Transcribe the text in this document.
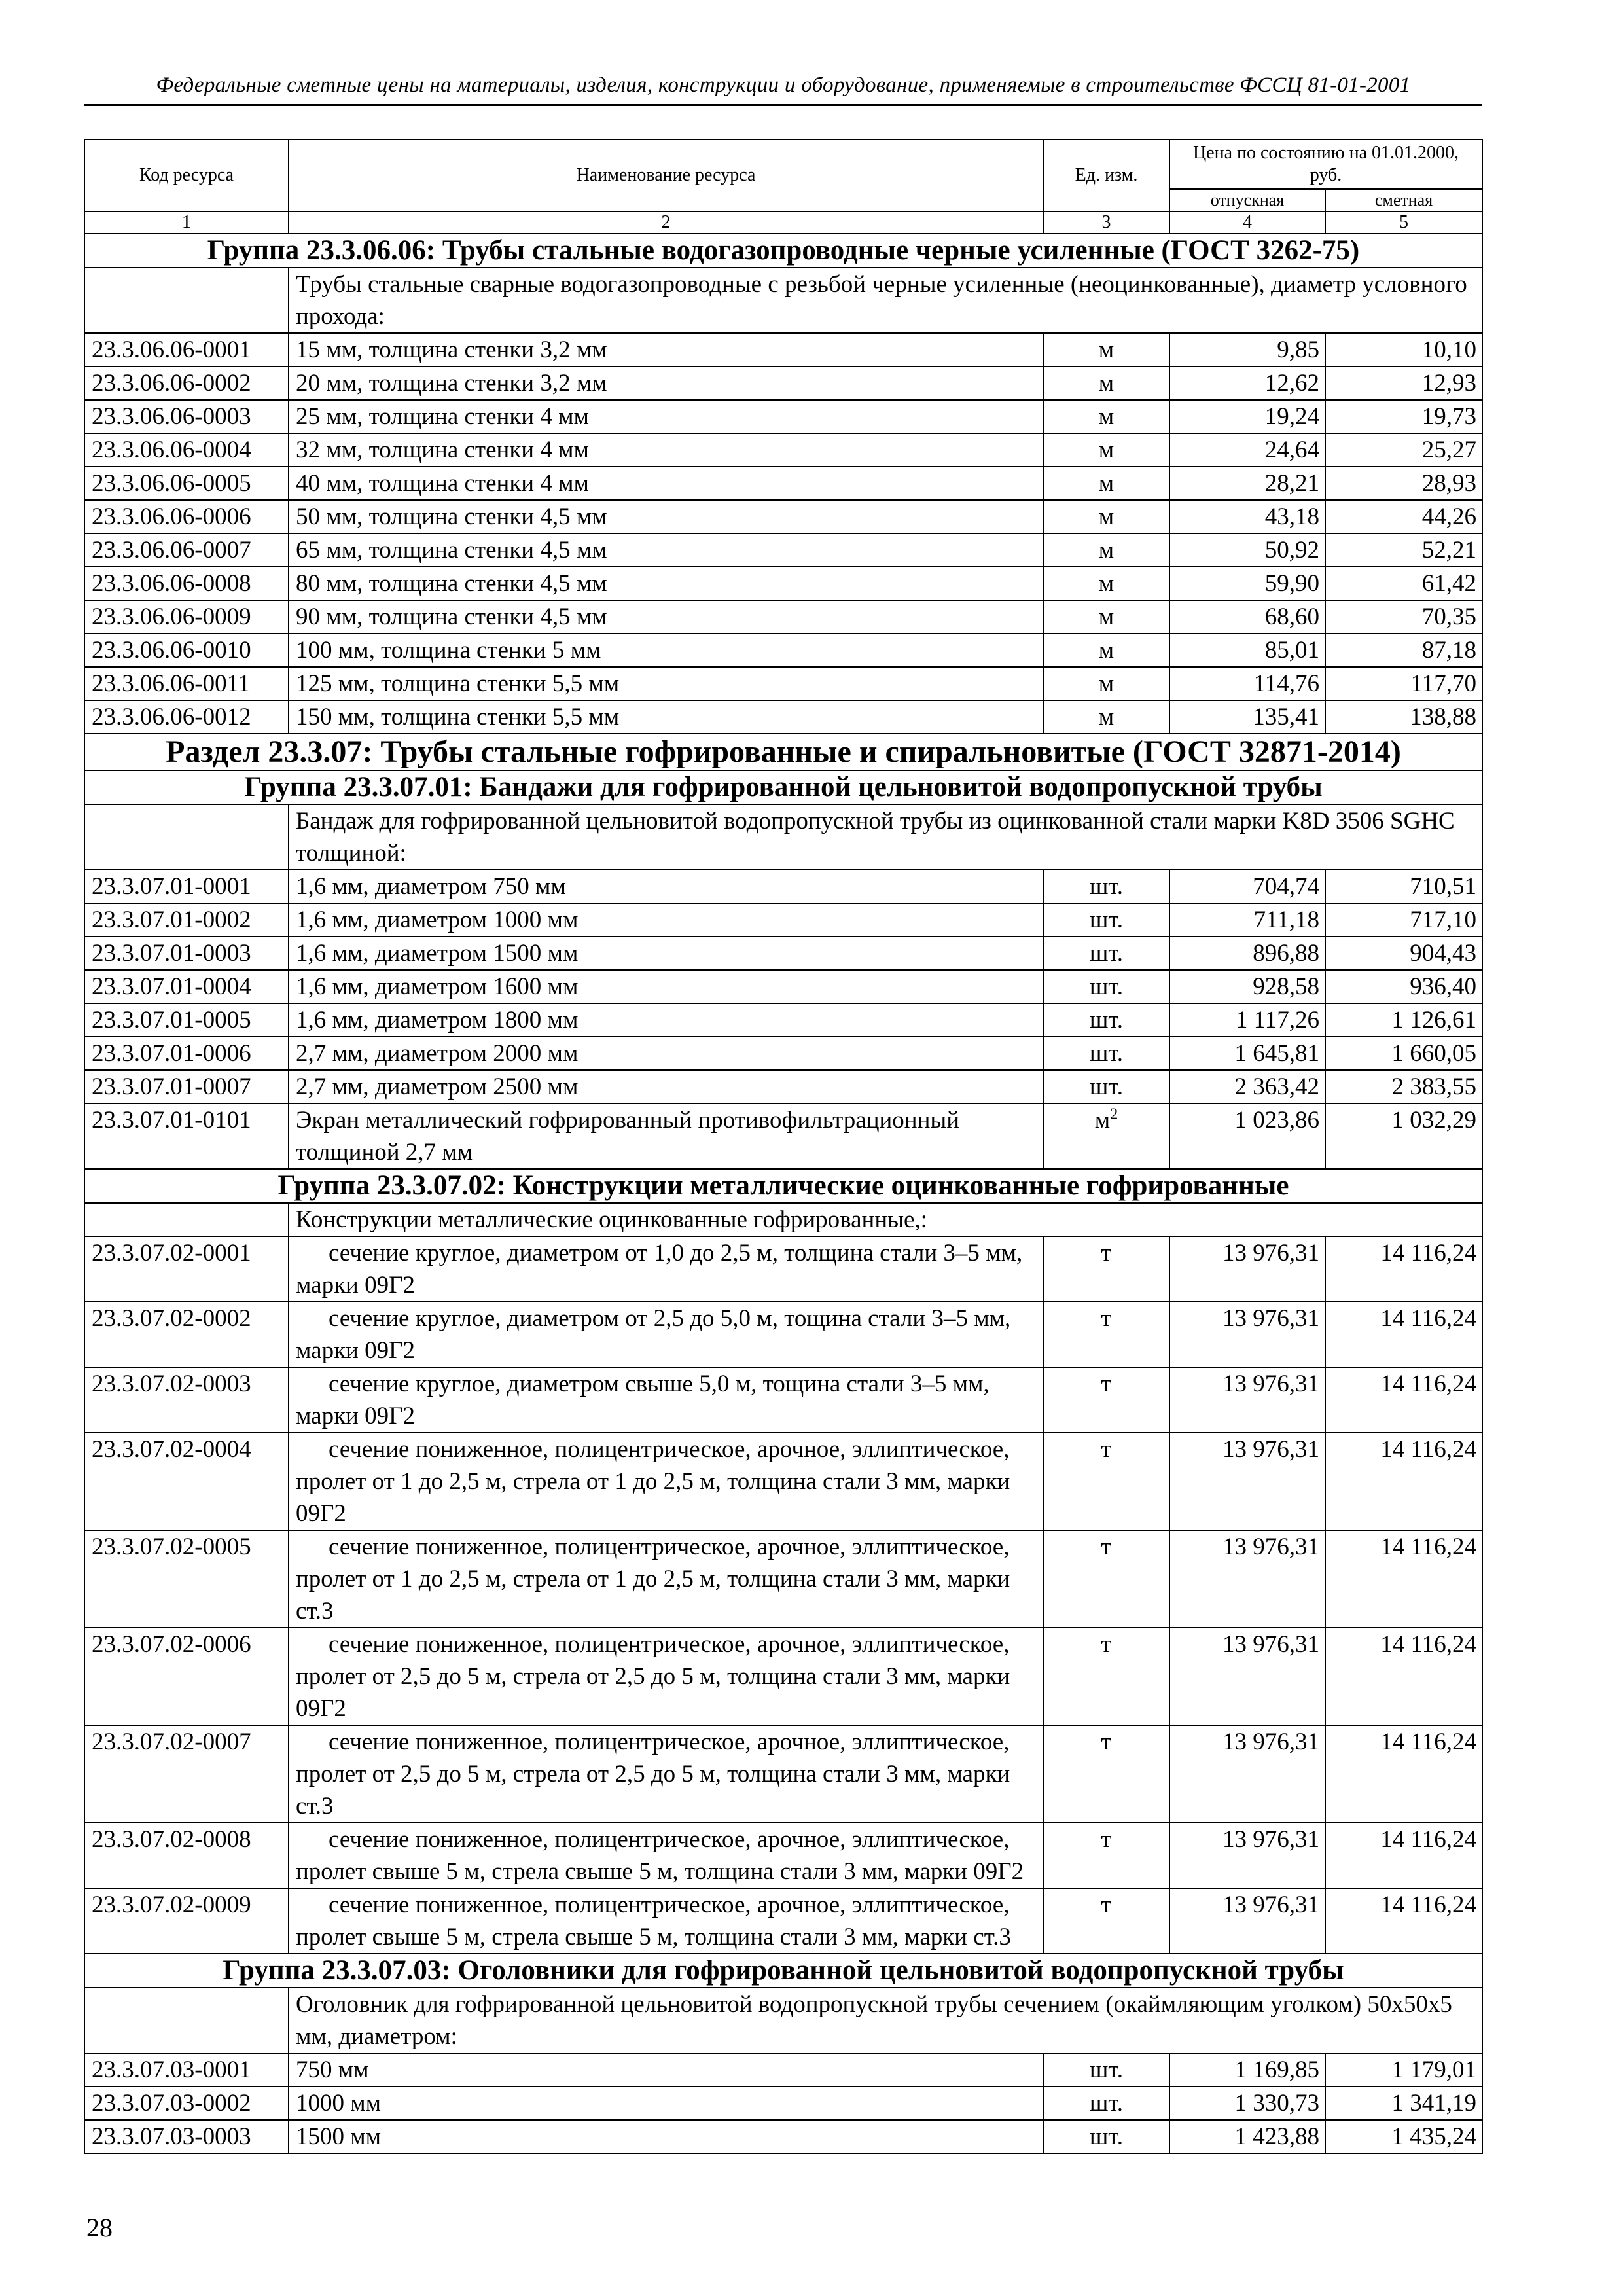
Федеральные сметные цены на материалы, изделия, конструкции и оборудование, применяемые в строительстве ФССЦ 81-01-2001
Код ресурса	Наименование ресурса	Ед. изм.	Цена по состоянию на 01.01.2000, руб.	
			отпускная	сметная
1	2	3	4	5
Группа 23.3.06.06: Трубы стальные водогазопроводные черные усиленные (ГОСТ 3262-75)				
	Трубы стальные сварные водогазопроводные с резьбой черные усиленные (неоцинкованные), диаметр условного прохода:			
23.3.06.06-0001	15 мм, толщина стенки 3,2 мм	м	9,85	10,10
23.3.06.06-0002	20 мм, толщина стенки 3,2 мм	м	12,62	12,93
23.3.06.06-0003	25 мм, толщина стенки 4 мм	м	19,24	19,73
23.3.06.06-0004	32 мм, толщина стенки 4 мм	м	24,64	25,27
23.3.06.06-0005	40 мм, толщина стенки 4 мм	м	28,21	28,93
23.3.06.06-0006	50 мм, толщина стенки 4,5 мм	м	43,18	44,26
23.3.06.06-0007	65 мм, толщина стенки 4,5 мм	м	50,92	52,21
23.3.06.06-0008	80 мм, толщина стенки 4,5 мм	м	59,90	61,42
23.3.06.06-0009	90 мм, толщина стенки 4,5 мм	м	68,60	70,35
23.3.06.06-0010	100 мм, толщина стенки 5 мм	м	85,01	87,18
23.3.06.06-0011	125 мм, толщина стенки 5,5 мм	м	114,76	117,70
23.3.06.06-0012	150 мм, толщина стенки 5,5 мм	м	135,41	138,88
Раздел 23.3.07: Трубы стальные гофрированные и спиральновитые (ГОСТ 32871-2014)				
Группа 23.3.07.01: Бандажи для гофрированной цельновитой водопропускной трубы				
	Бандаж для гофрированной цельновитой водопропускной трубы из оцинкованной стали марки K8D 3506 SGHC толщиной:			
23.3.07.01-0001	1,6 мм, диаметром 750 мм	шт.	704,74	710,51
23.3.07.01-0002	1,6 мм, диаметром 1000 мм	шт.	711,18	717,10
23.3.07.01-0003	1,6 мм, диаметром 1500 мм	шт.	896,88	904,43
23.3.07.01-0004	1,6 мм, диаметром 1600 мм	шт.	928,58	936,40
23.3.07.01-0005	1,6 мм, диаметром 1800 мм	шт.	1 117,26	1 126,61
23.3.07.01-0006	2,7 мм, диаметром 2000 мм	шт.	1 645,81	1 660,05
23.3.07.01-0007	2,7 мм, диаметром 2500 мм	шт.	2 363,42	2 383,55
23.3.07.01-0101	Экран металлический гофрированный противофильтрационный толщиной 2,7 мм	$м^2$	1 023,86	1 032,29
Группа 23.3.07.02: Конструкции металлические оцинкованные гофрированные				
	Конструкции металлические оцинкованные гофрированные,:			
23.3.07.02-0001	сечение круглое, диаметром от 1,0 до 2,5 м, толщина стали 3–5 мм, марки 09Г2	т	13 976,31	14 116,24
23.3.07.02-0002	сечение круглое, диаметром от 2,5 до 5,0 м, тощина стали 3–5 мм, марки 09Г2	т	13 976,31	14 116,24
23.3.07.02-0003	сечение круглое, диаметром свыше 5,0 м, тощина стали 3–5 мм, марки 09Г2	т	13 976,31	14 116,24
23.3.07.02-0004	сечение пониженное, полицентрическое, арочное, эллиптическое, пролет от 1 до 2,5 м, стрела от 1 до 2,5 м, толщина стали 3 мм, марки 09Г2	т	13 976,31	14 116,24
23.3.07.02-0005	сечение пониженное, полицентрическое, арочное, эллиптическое, пролет от 1 до 2,5 м, стрела от 1 до 2,5 м, толщина стали 3 мм, марки ст.3	т	13 976,31	14 116,24
23.3.07.02-0006	сечение пониженное, полицентрическое, арочное, эллиптическое, пролет от 2,5 до 5 м, стрела от 2,5 до 5 м, толщина стали 3 мм, марки 09Г2	т	13 976,31	14 116,24
23.3.07.02-0007	сечение пониженное, полицентрическое, арочное, эллиптическое, пролет от 2,5 до 5 м, стрела от 2,5 до 5 м, толщина стали 3 мм, марки ст.3	т	13 976,31	14 116,24
23.3.07.02-0008	сечение пониженное, полицентрическое, арочное, эллиптическое, пролет свыше 5 м, стрела свыше 5 м, толщина стали 3 мм, марки 09Г2	т	13 976,31	14 116,24
23.3.07.02-0009	сечение пониженное, полицентрическое, арочное, эллиптическое, пролет свыше 5 м, стрела свыше 5 м, толщина стали 3 мм, марки ст.3	т	13 976,31	14 116,24
Группа 23.3.07.03: Оголовники для гофрированной цельновитой водопропускной трубы				
	Оголовник для гофрированной цельновитой водопропускной трубы сечением (окаймляющим уголком) 50х50х5 мм, диаметром:			
23.3.07.03-0001	750 мм	шт.	1 169,85	1 179,01
23.3.07.03-0002	1000 мм	шт.	1 330,73	1 341,19
23.3.07.03-0003	1500 мм	шт.	1 423,88	1 435,24
28
